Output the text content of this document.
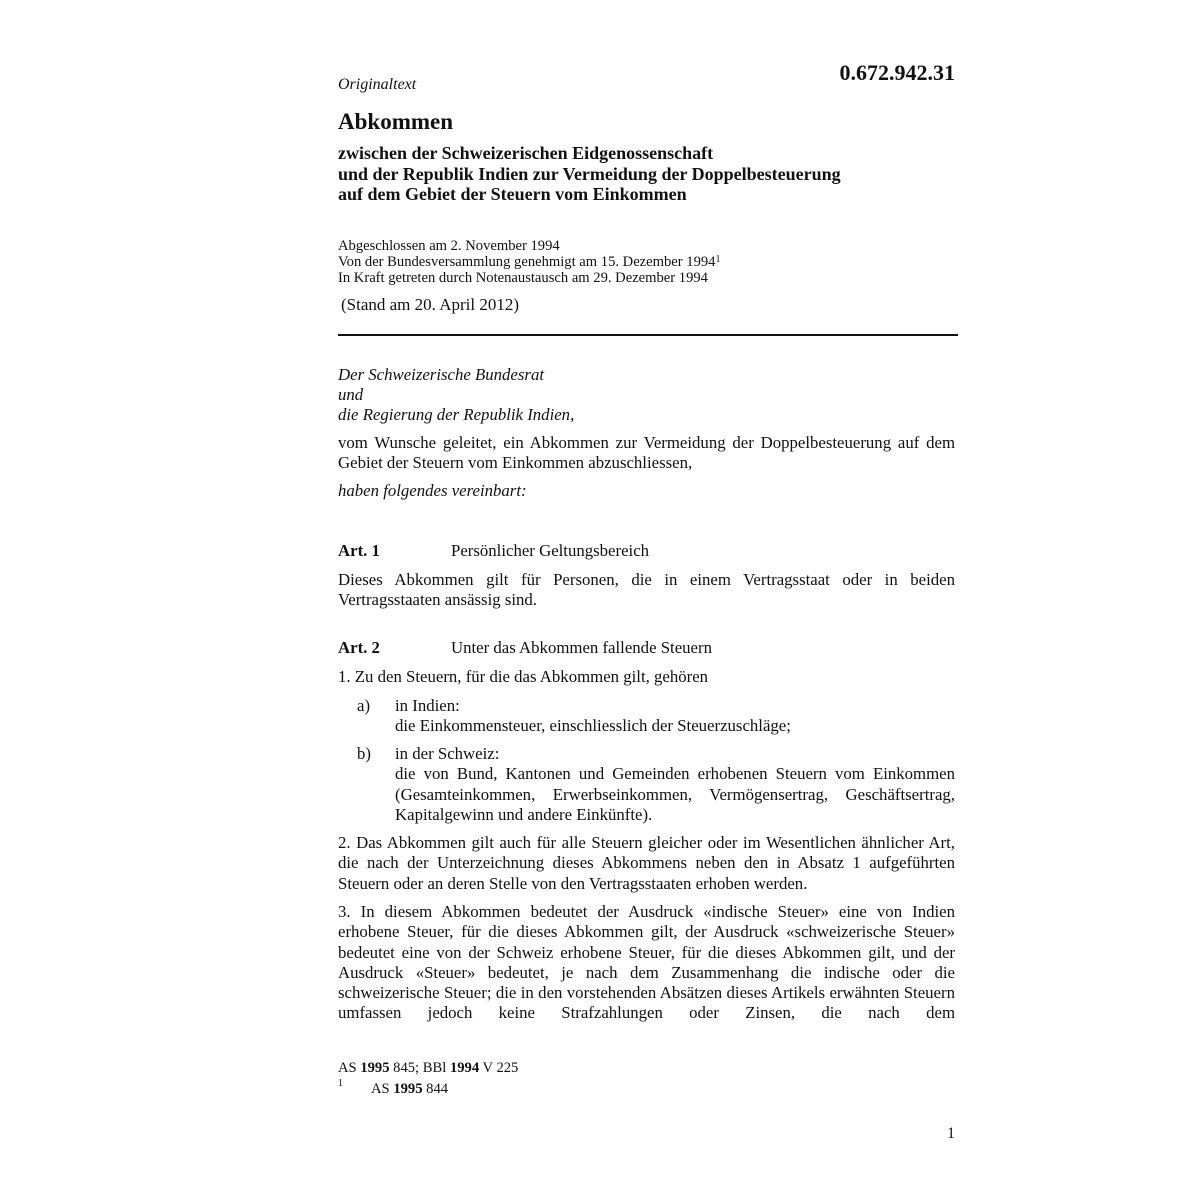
0.672.942.31
Originaltext
Abkommen
zwischen der Schweizerischen Eidgenossenschaft
und der Republik Indien zur Vermeidung der Doppelbesteuerung
auf dem Gebiet der Steuern vom Einkommen
Abgeschlossen am 2. November 1994
Von der Bundesversammlung genehmigt am 15. Dezember 1994$^1$
In Kraft getreten durch Notenaustausch am 29. Dezember 1994
(Stand am 20. April 2012)
Der Schweizerische Bundesrat
und
die Regierung der Republik Indien,
vom Wunsche geleitet, ein Abkommen zur Vermeidung der Doppelbesteuerung auf dem Gebiet der Steuern vom Einkommen abzuschliessen,
haben folgendes vereinbart:
Art. 1	Persönlicher Geltungsbereich
Dieses Abkommen gilt für Personen, die in einem Vertragsstaat oder in beiden Vertragsstaaten ansässig sind.
Art. 2	Unter das Abkommen fallende Steuern
1. Zu den Steuern, für die das Abkommen gilt, gehören
a) in Indien:
die Einkommensteuer, einschliesslich der Steuerzuschläge;
b) in der Schweiz:
die von Bund, Kantonen und Gemeinden erhobenen Steuern vom Einkommen (Gesamteinkommen, Erwerbseinkommen, Vermögensertrag, Geschäftsertrag, Kapitalgewinn und andere Einkünfte).
2. Das Abkommen gilt auch für alle Steuern gleicher oder im Wesentlichen ähnlicher Art, die nach der Unterzeichnung dieses Abkommens neben den in Absatz 1 aufgeführten Steuern oder an deren Stelle von den Vertragsstaaten erhoben werden.
3. In diesem Abkommen bedeutet der Ausdruck «indische Steuer» eine von Indien erhobene Steuer, für die dieses Abkommen gilt, der Ausdruck «schweizerische Steuer» bedeutet eine von der Schweiz erhobene Steuer, für die dieses Abkommen gilt, und der Ausdruck «Steuer» bedeutet, je nach dem Zusammenhang die indische oder die schweizerische Steuer; die in den vorstehenden Absätzen dieses Artikels erwähnten Steuern umfassen jedoch keine Strafzahlungen oder Zinsen, die nach dem
AS 1995 845; BBl 1994 V 225
1 AS 1995 844
1
